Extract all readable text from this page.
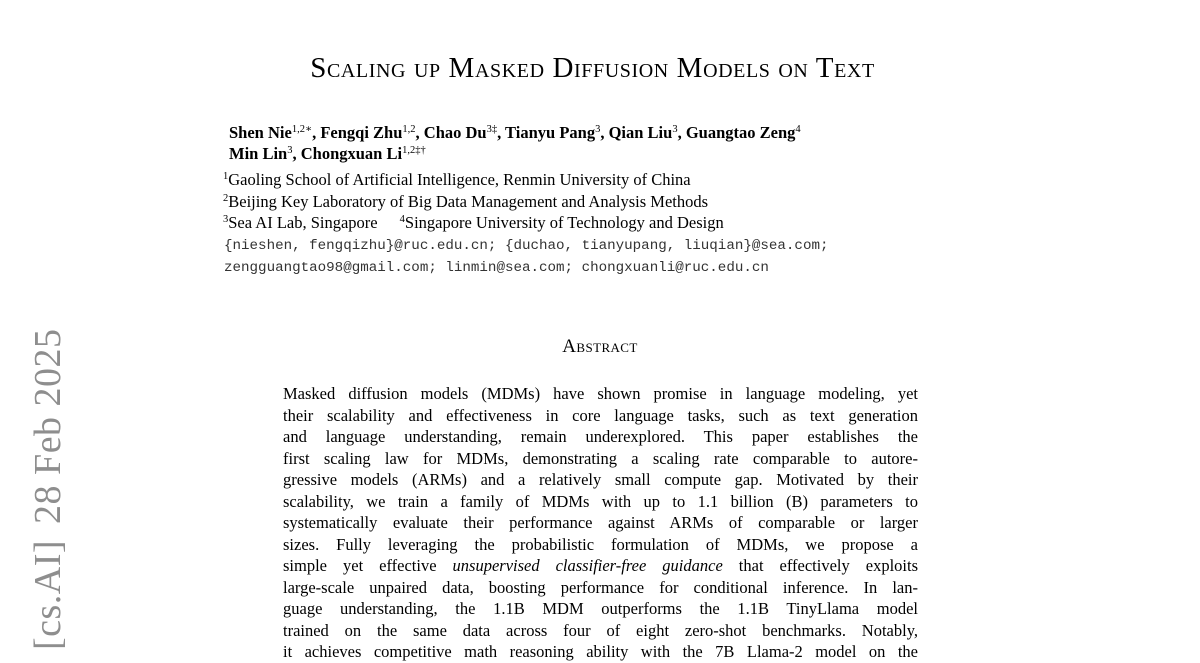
[cs.AI]28 Feb 2025
Scaling up Masked Diffusion Models on Text
Shen Nie$^{1,2∗}$, Fengqi Zhu$^{1,2}$, Chao $Du^{3\ddagger}$, Tianyu Pang$^3$, Qian Liu$^3$, Guangtao Zeng$^4$
Min Lin$^3$, Chongxuan $Li^{1,2\ddagger\dagger}$
$^1$Gaoling School of Artificial Intelligence, Renmin University of China
$^2$Beijing Key Laboratory of Big Data Management and Analysis Methods
$^3$Sea AI Lab, Singapore $^4$Singapore University of Technology and Design
{nieshen, fengqizhu}@ruc.edu.cn; {duchao, tianyupang, liuqian}@sea.com;
zengguangtao98@gmail.com; linmin@sea.com; chongxuanli@ruc.edu.cn
Abstract
Masked diffusion models (MDMs) have shown promise in language modeling, yet
their scalability and effectiveness in core language tasks, such as text generation
and language understanding, remain underexplored. This paper establishes the
first scaling law for MDMs, demonstrating a scaling rate comparable to autore-
gressive models (ARMs) and a relatively small compute gap. Motivated by their
scalability, we train a family of MDMs with up to 1.1 billion (B) parameters to
systematically evaluate their performance against ARMs of comparable or larger
sizes. Fully leveraging the probabilistic formulation of MDMs, we propose a
simple yet effective unsupervised classifier-free guidance that effectively exploits
large-scale unpaired data, boosting performance for conditional inference. In lan-
guage understanding, the 1.1B MDM outperforms the 1.1B TinyLlama model
trained on the same data across four of eight zero-shot benchmarks. Notably,
it achieves competitive math reasoning ability with the 7B Llama-2 model on the
